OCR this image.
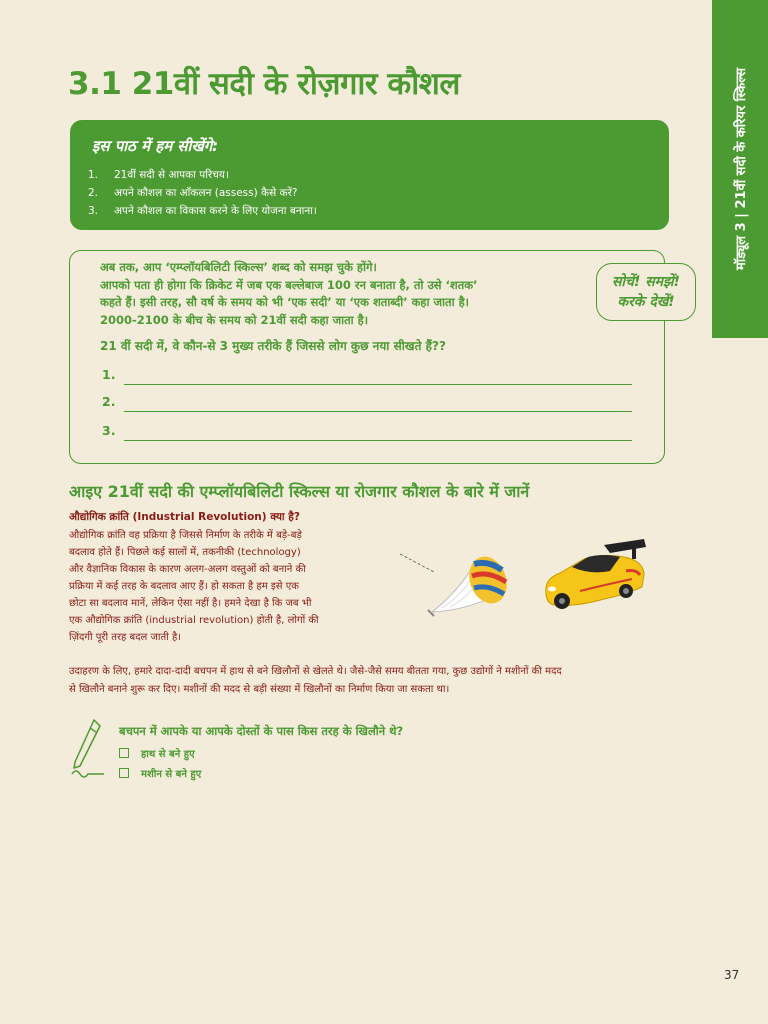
मॉड्यूल 3 | 21वीं सदी के करियर स्किल्स
3.1 21वीं सदी के रोज़गार कौशल
इस पाठ में हम सीखेंगे:
1.	21वीं सदी से आपका परिचय।
2.	अपने कौशल का आँकलन (assess) कैसे करें?
3.	अपने कौशल का विकास करने के लिए योजना बनाना।

अब तक, आप ‘एम्प्लॉयबिलिटी स्किल्स’ शब्द को समझ चुके होंगे।
आपको पता ही होगा कि क्रिकेट में जब एक बल्लेबाज 100 रन बनाता है, तो उसे ‘शतक’
कहते हैं। इसी तरह, सौ वर्ष के समय को भी ‘एक सदी’ या ‘एक शताब्दी’ कहा जाता है।
2000-2100 के बीच के समय को 21वीं सदी कहा जाता है।

21 वीं सदी में, वे कौन-से 3 मुख्य तरीके हैं जिससे लोग कुछ नया सीखते हैं??

1.
2.
3.
सोचें! समझें!
करके देखें!
आइए 21वीं सदी की एम्प्लॉयबिलिटी स्किल्स या रोजगार कौशल के बारे में जानें

औद्योगिक क्रांति (Industrial Revolution) क्या है?

औद्योगिक क्रांति वह प्रक्रिया है जिससे निर्माण के तरीके में बड़े-बड़े
बदलाव होते हैं। पिछले कई सालों में, तकनीकी (technology)
और वैज्ञानिक विकास के कारण अलग-अलग वस्तुओं को बनाने की
प्रक्रिया में कई तरह के बदलाव आए हैं। हो सकता है हम इसे एक
छोटा सा बदलाव मानें, लेकिन ऐसा नहीं है। हमने देखा है कि जब भी
एक औद्योगिक क्रांति (industrial revolution) होती है, लोगों की
ज़िंदगी पूरी तरह बदल जाती है।

उदाहरण के लिए, हमारे दादा-दादी बचपन में हाथ से बने खिलौनों से खेलते थे। जैसे-जैसे समय बीतता गया, कुछ उद्योगों ने मशीनों की मदद
से खिलौने बनाने शुरू कर दिए। मशीनों की मदद से बड़ी संख्या में खिलौनों का निर्माण किया जा सकता था।

बचपन में आपके या आपके दोस्तों के पास किस तरह के खिलौने थे?

हाथ से बने हुए
मशीन से बने हुए
37
